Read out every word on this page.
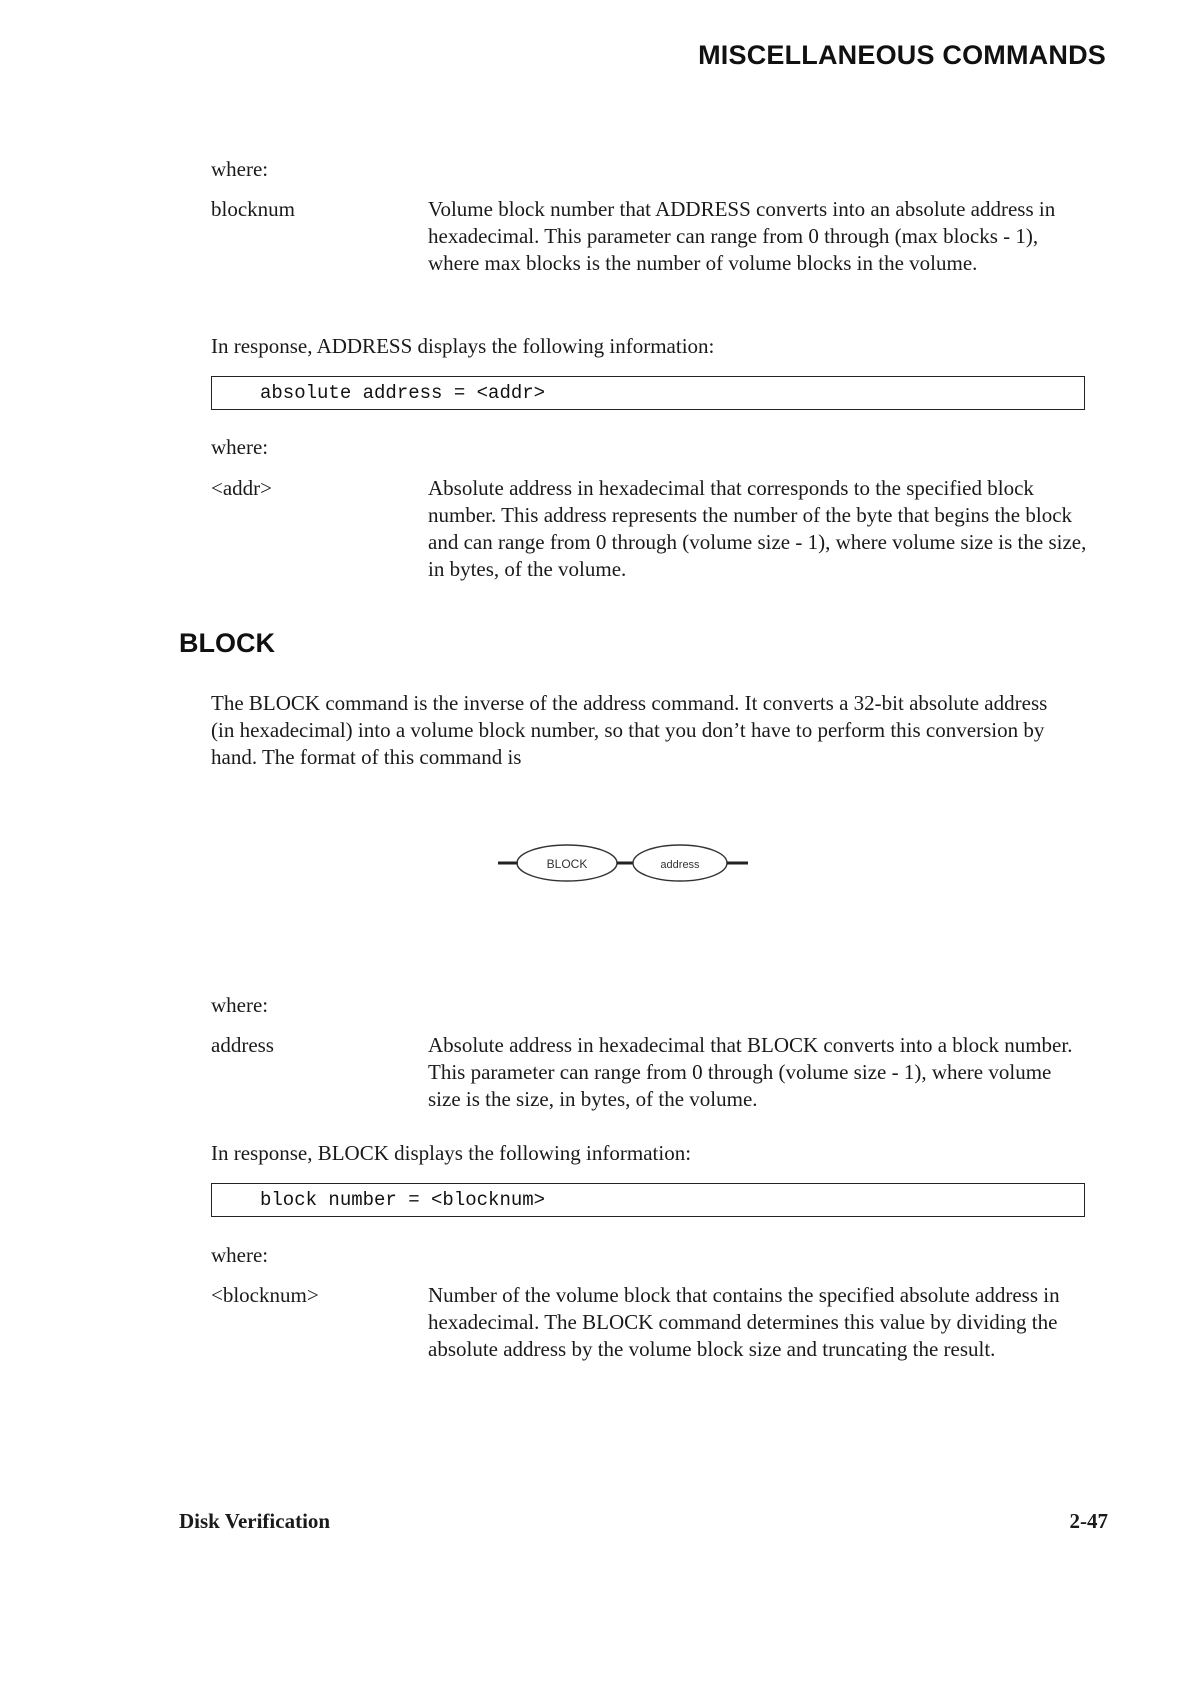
MISCELLANEOUS COMMANDS
where:
blocknum	Volume block number that ADDRESS converts into an absolute address in hexadecimal. This parameter can range from 0 through (max blocks - 1), where max blocks is the number of volume blocks in the volume.
In response, ADDRESS displays the following information:
absolute address = <addr>
where:
<addr>	Absolute address in hexadecimal that corresponds to the specified block number. This address represents the number of the byte that begins the block and can range from 0 through (volume size - 1), where volume size is the size, in bytes, of the volume.
BLOCK
The BLOCK command is the inverse of the address command. It converts a 32-bit absolute address (in hexadecimal) into a volume block number, so that you don’t have to perform this conversion by hand. The format of this command is
BLOCK	address
where:
address	Absolute address in hexadecimal that BLOCK converts into a block number. This parameter can range from 0 through (volume size - 1), where volume size is the size, in bytes, of the volume.
In response, BLOCK displays the following information:
block number = <blocknum>
where:
<blocknum>	Number of the volume block that contains the specified absolute address in hexadecimal. The BLOCK command determines this value by dividing the absolute address by the volume block size and truncating the result.
Disk Verification	2-47
